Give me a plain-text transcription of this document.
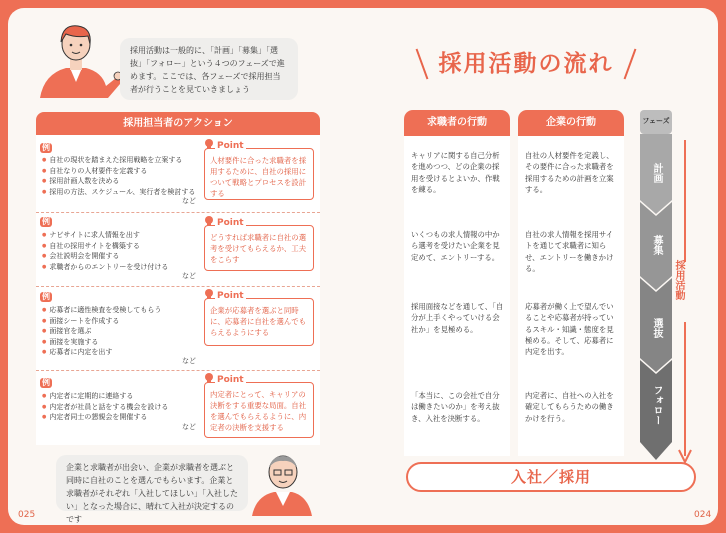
採用活動は一般的に、「計画」「募集」「選抜」「フォロー」という４つのフェーズで進めます。ここでは、各フェーズで採用担当者が行うことを見ていきましょう
採用活動の流れ
採用担当者のアクション
例
● 自社の現状を踏まえた採用戦略を立案する
● 自社なりの人材要件を定義する
● 採用計画人数を決める
● 採用の方法、スケジュール、実行者を検討する
など
Point
人材要件に合った求職者を採用するために、自社の採用について戦略とプロセスを設計する
例
● ナビサイトに求人情報を出す
● 自社の採用サイトを構築する
● 会社説明会を開催する
● 求職者からのエントリーを受け付ける
など
Point
どうすれば求職者に自社の選考を受けてもらえるか、工夫をこらす
例
● 応募者に適性検査を受検してもらう
● 面接シートを作成する
● 面接官を選ぶ
● 面接を実施する
● 応募者に内定を出す
など
Point
企業が応募者を選ぶと同時に、応募者に自社を選んでもらえるようにする
例
● 内定者に定期的に連絡する
● 内定者が社員と話をする機会を設ける
● 内定者同士の懇親会を開催する
など
Point
内定者にとって、キャリアの決断をする重要な局面。自社を選んでもらえるように、内定者の決断を支援する
企業と求職者が出会い、企業が求職者を選ぶと同時に自社のことを選んでもらいます。企業と求職者がそれぞれ「入社してほしい」「入社したい」となった場合に、晴れて入社が決定するのです
求職者の行動	企業の行動
キャリアに関する自己分析を進めつつ、どの企業の採用を受けるとよいか、作戦を練る。
自社の人材要件を定義し、その要件に合った求職者を採用するための計画を立案する。
いくつもの求人情報の中から選考を受けたい企業を見定めて、エントリーする。
自社の求人情報を採用サイトを通じて求職者に知らせ、エントリーを働きかける。
採用面接などを通して、「自分が上手くやっていける会社か」を見極める。
応募者が働く上で望んでいることや応募者が持っているスキル・知識・態度を見極める。そして、応募者に内定を出す。
「本当に、この会社で自分は働きたいのか」を考え抜き、入社を決断する。
内定者に、自社への入社を確定してもらうための働きかけを行う。
フェーズ
計画
募集
選抜
フォロー
採用活動
入社／採用
025	024
